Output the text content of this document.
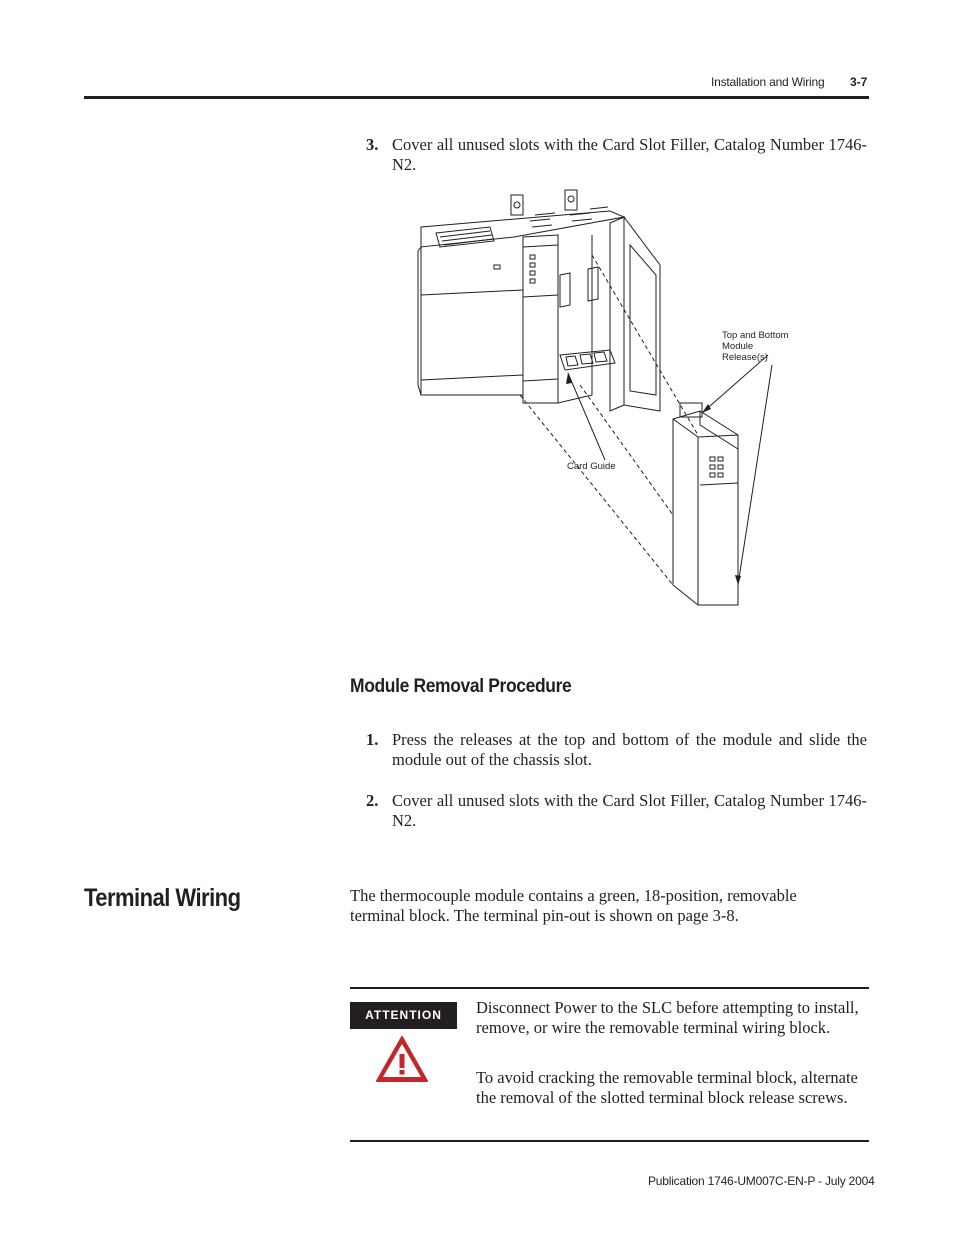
Installation and Wiring 3-7
3. Cover all unused slots with the Card Slot Filler, Catalog Number 1746-N2.
Top and Bottom
Module Release(s)
Card Guide
Module Removal Procedure
1. Press the releases at the top and bottom of the module and slide the module out of the chassis slot.
2. Cover all unused slots with the Card Slot Filler, Catalog Number 1746-N2.
Terminal Wiring	The thermocouple module contains a green, 18-position, removable terminal block. The terminal pin-out is shown on page 3-8.
ATTENTION	Disconnect Power to the SLC before attempting to install, remove, or wire the removable terminal wiring block.
To avoid cracking the removable terminal block, alternate the removal of the slotted terminal block release screws.
Publication 1746-UM007C-EN-P - July 2004
